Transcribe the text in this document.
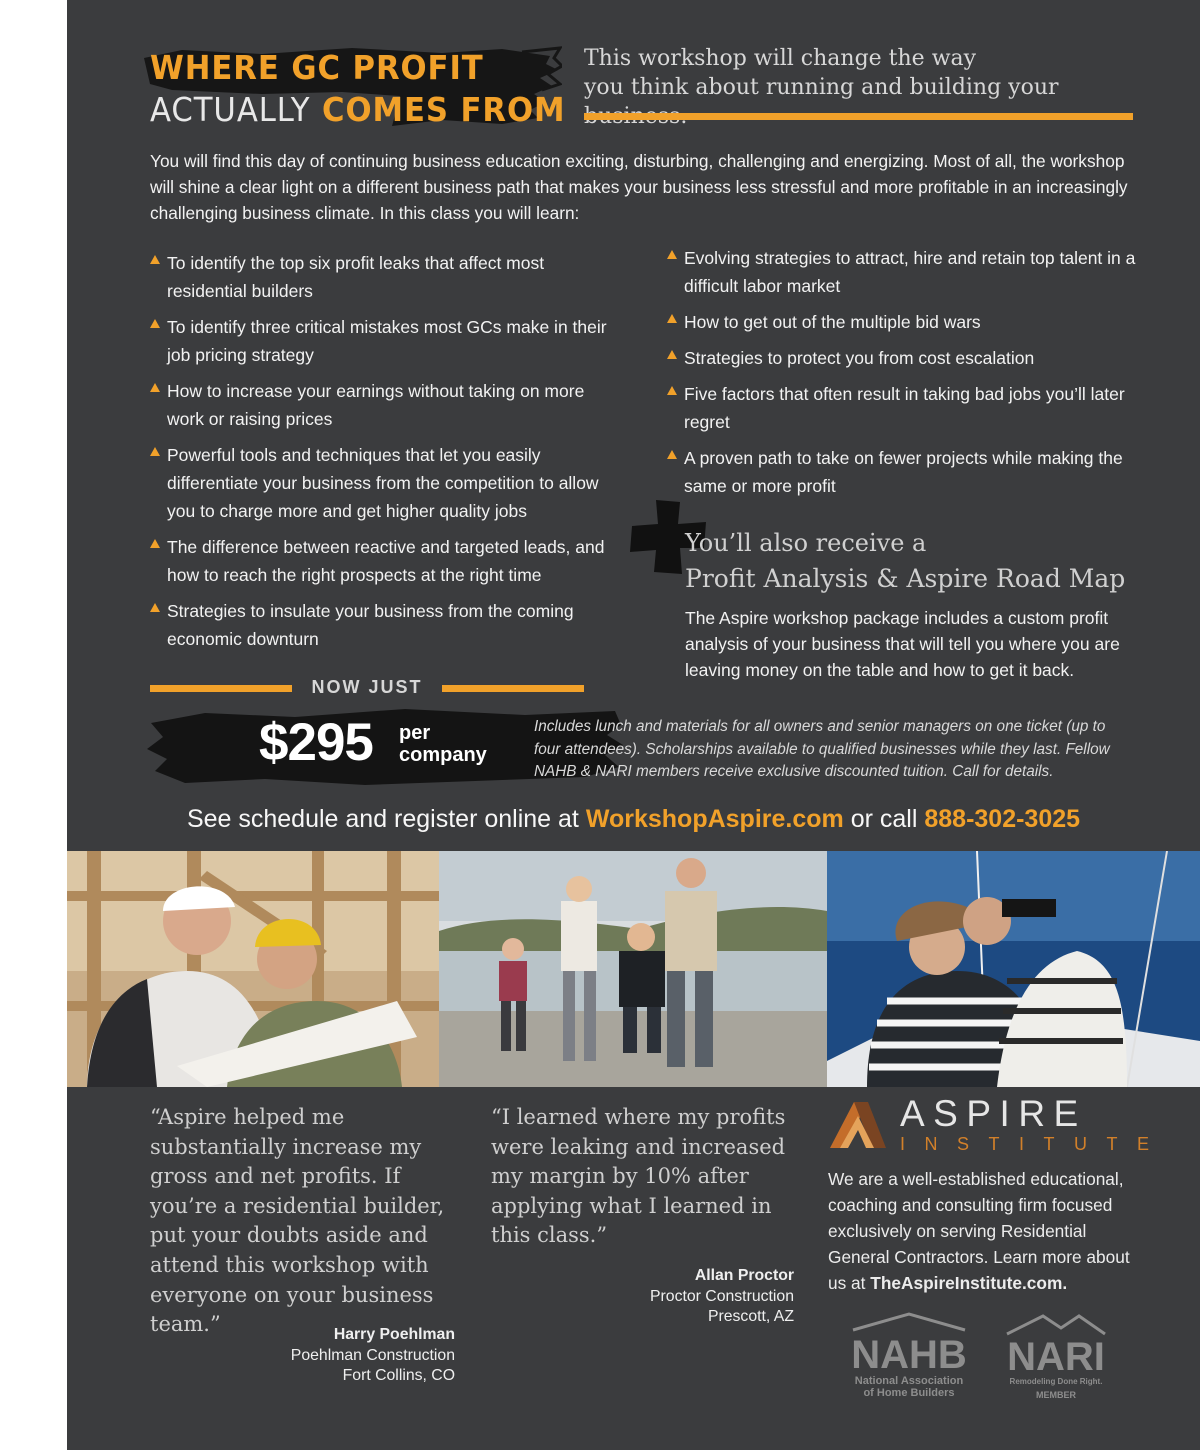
WHERE GC PROFIT
ACTUALLY COMES FROM
This workshop will change the way
you think about running and building your

You will find this day of continuing business education exciting, disturbing, challenging and energizing. Most of all, the workshop will shine a clear light on a different business path that makes your business less stressful and more profitable in an increasingly challenging business climate. In this class you will learn:

To identify the top six profit leaks that affect most residential builders
To identify three critical mistakes most GCs make in their job pricing strategy
How to increase your earnings without taking on more work or raising prices
Powerful tools and techniques that let you easily differentiate your business from the competition to allow you to charge more and get higher quality jobs
The difference between reactive and targeted leads, and how to reach the right prospects at the right time
Strategies to insulate your business from the coming economic downturn
Evolving strategies to attract, hire and retain top talent in a difficult labor market
How to get out of the multiple bid wars
Strategies to protect you from cost escalation
Five factors that often result in taking bad jobs you’ll later regret
A proven path to take on fewer projects while making the same or more profit
You’ll also receive a
Profit Analysis & Aspire Road Map

The Aspire workshop package includes a custom profit analysis of your business that will tell you where you are leaving money on the table and how to get it back.

NOW JUST
$295 per
company

Includes lunch and materials for all owners and senior managers on one ticket (up to four attendees). Scholarships available to qualified businesses while they last. Fellow NAHB & NARI members receive exclusive discounted tuition. Call for details.

See schedule and register online at WorkshopAspire.com or call 888-302-3025

“Aspire helped me substantially increase my gross and net profits. If you’re a residential builder, put your doubts aside and attend this workshop with everyone on your business team.”	Harry Poehlman
Poehlman Construction
Fort Collins, CO

“I learned where my profits were leaking and increased my margin by 10% after applying what I learned in this class.”

Allan Proctor
Proctor Construction
Prescott, AZ
ASPIRE
INSTITUTE

We are a well-established educational, coaching and consulting firm focused exclusively on serving Residential General Contractors. Learn more about us at TheAspireInstitute.com.

NAHB
National Association
of Home Builders
NARI
Remodeling Done Right.
MEMBER
